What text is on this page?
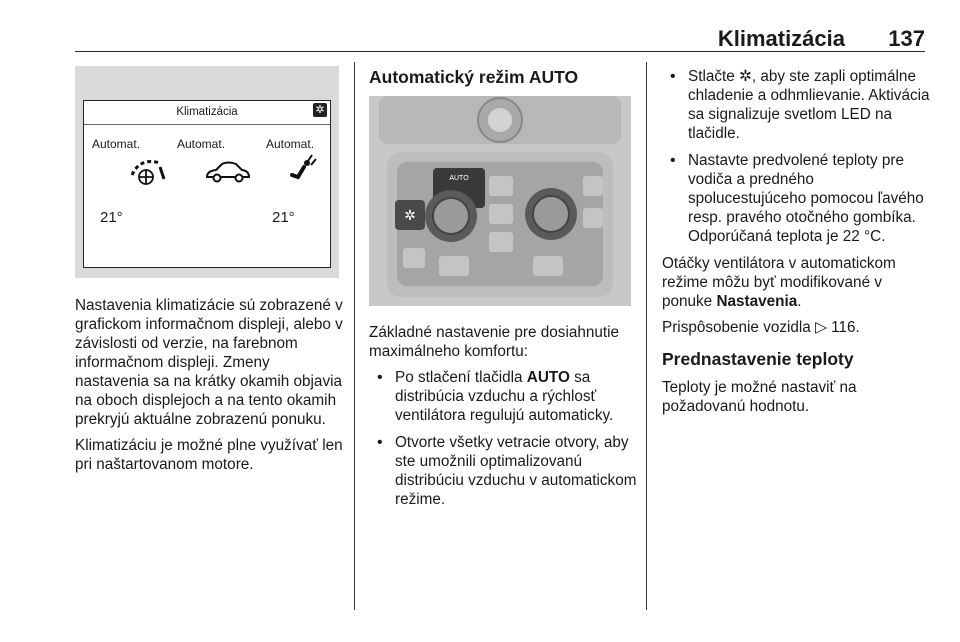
Klimatizácia 137
Klimatizácia	✲
Automat.	Automat.	Automat.
21°	21°

Nastavenia klimatizácie sú zobrazené v grafickom informačnom displeji, alebo v závislosti od verzie, na farebnom informačnom displeji. Zmeny nastavenia sa na krátky okamih objavia na oboch displejoch a na tento okamih prekryjú aktuálne zobrazenú ponuku.

Klimatizáciu je možné plne využívať len pri naštartovanom motore.

Automatický režim AUTO
✲
AUTO

Základné nastavenie pre dosiahnutie maximálneho komfortu:

• Po stlačení tlačidla AUTO sa distribúcia vzduchu a rýchlosť ventilátora regulujú automaticky.
• Otvorte všetky vetracie otvory, aby ste umožnili optimalizovanú distribúciu vzduchu v automatickom režime.
• Stlačte ✲, aby ste zapli optimálne chladenie a odhmlievanie. Aktivácia sa signalizuje svetlom LED na tlačidle.
• Nastavte predvolené teploty pre vodiča a predného spolucestujúceho pomocou ľavého resp. pravého otočného gombíka. Odporúčaná teplota je 22 °C.

Otáčky ventilátora v automatickom režime môžu byť modifikované v ponuke Nastavenia.

Prispôsobenie vozidla ▷ 116.

Prednastavenie teploty

Teploty je možné nastaviť na požadovanú hodnotu.
